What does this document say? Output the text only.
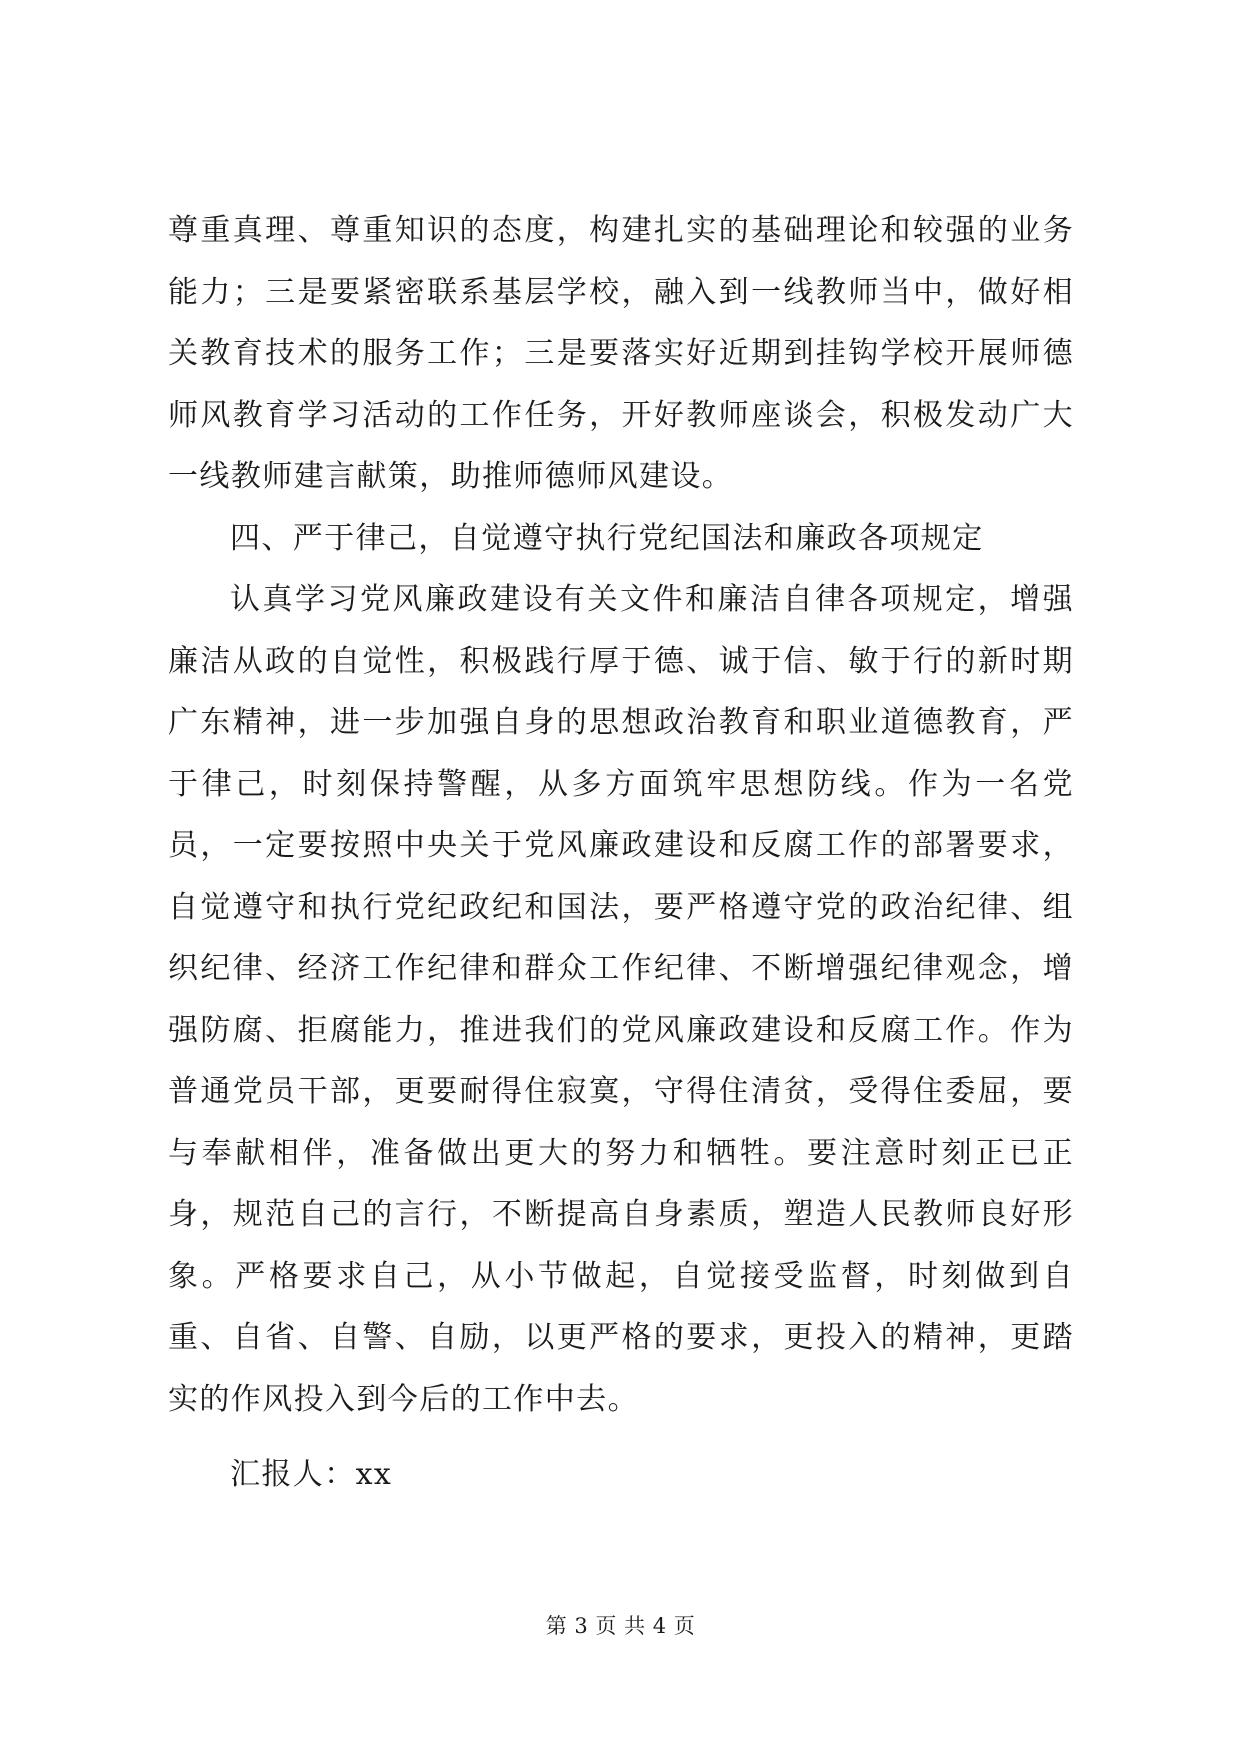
尊重真理、尊重知识的态度，构建扎实的基础理论和较强的业务能力；三是要紧密联系基层学校，融入到一线教师当中，做好相关教育技术的服务工作；三是要落实好近期到挂钩学校开展师德师风教育学习活动的工作任务，开好教师座谈会，积极发动广大一线教师建言献策，助推师德师风建设。

四、严于律己，自觉遵守执行党纪国法和廉政各项规定

认真学习党风廉政建设有关文件和廉洁自律各项规定，增强廉洁从政的自觉性，积极践行厚于德、诚于信、敏于行的新时期广东精神，进一步加强自身的思想政治教育和职业道德教育，严于律己，时刻保持警醒，从多方面筑牢思想防线。作为一名党员，一定要按照中央关于党风廉政建设和反腐工作的部署要求，自觉遵守和执行党纪政纪和国法，要严格遵守党的政治纪律、组织纪律、经济工作纪律和群众工作纪律、不断增强纪律观念，增强防腐、拒腐能力，推进我们的党风廉政建设和反腐工作。作为普通党员干部，更要耐得住寂寞，守得住清贫，受得住委屈，要与奉献相伴，准备做出更大的努力和牺牲。要注意时刻正已正身，规范自己的言行，不断提高自身素质，塑造人民教师良好形象。严格要求自己，从小节做起，自觉接受监督，时刻做到自重、自省、自警、自励，以更严格的要求，更投入的精神，更踏实的作风投入到今后的工作中去。

汇报人：xx

第 3 页 共 4 页
